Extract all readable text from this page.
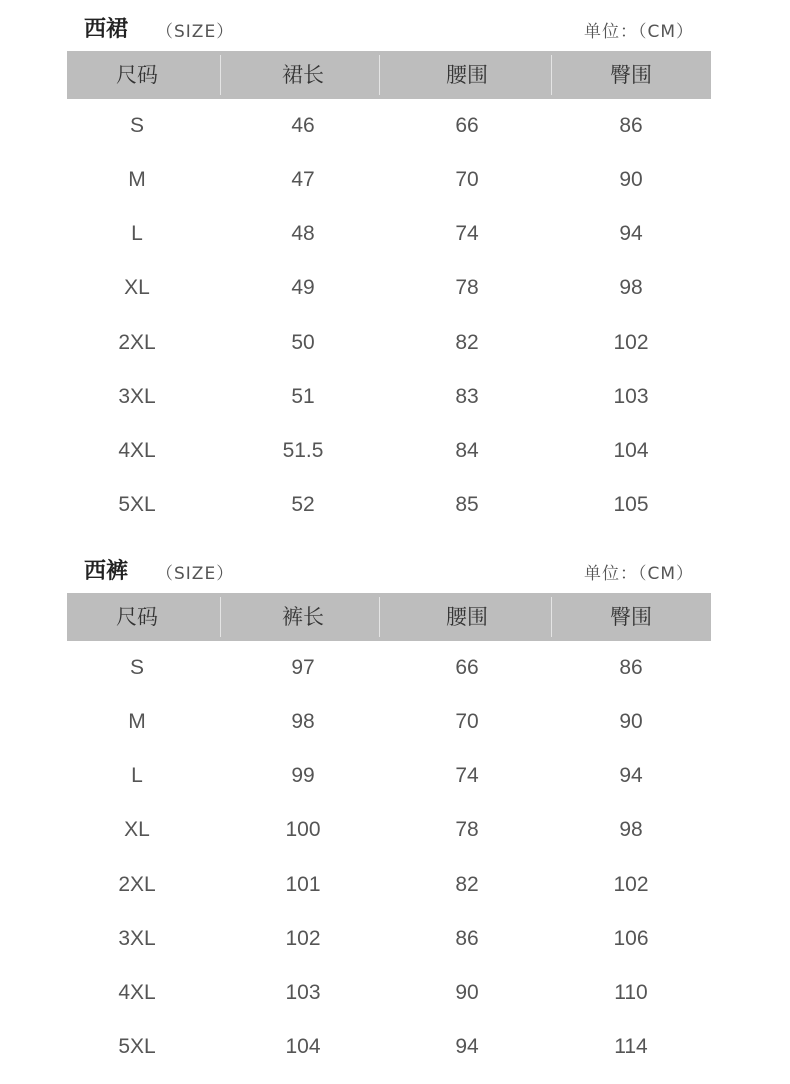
西裙 （SIZE）	单位：（CM）
尺码	裙长	腰围	臀围
S	46	66	86
M	47	70	90
L	48	74	94
XL	49	78	98
2XL	50	82	102
3XL	51	83	103
4XL	51.5	84	104
5XL	52	85	105
西裤 （SIZE）	单位：（CM）
尺码	裤长	腰围	臀围
S	97	66	86
M	98	70	90
L	99	74	94
XL	100	78	98
2XL	101	82	102
3XL	102	86	106
4XL	103	90	110
5XL	104	94	114
